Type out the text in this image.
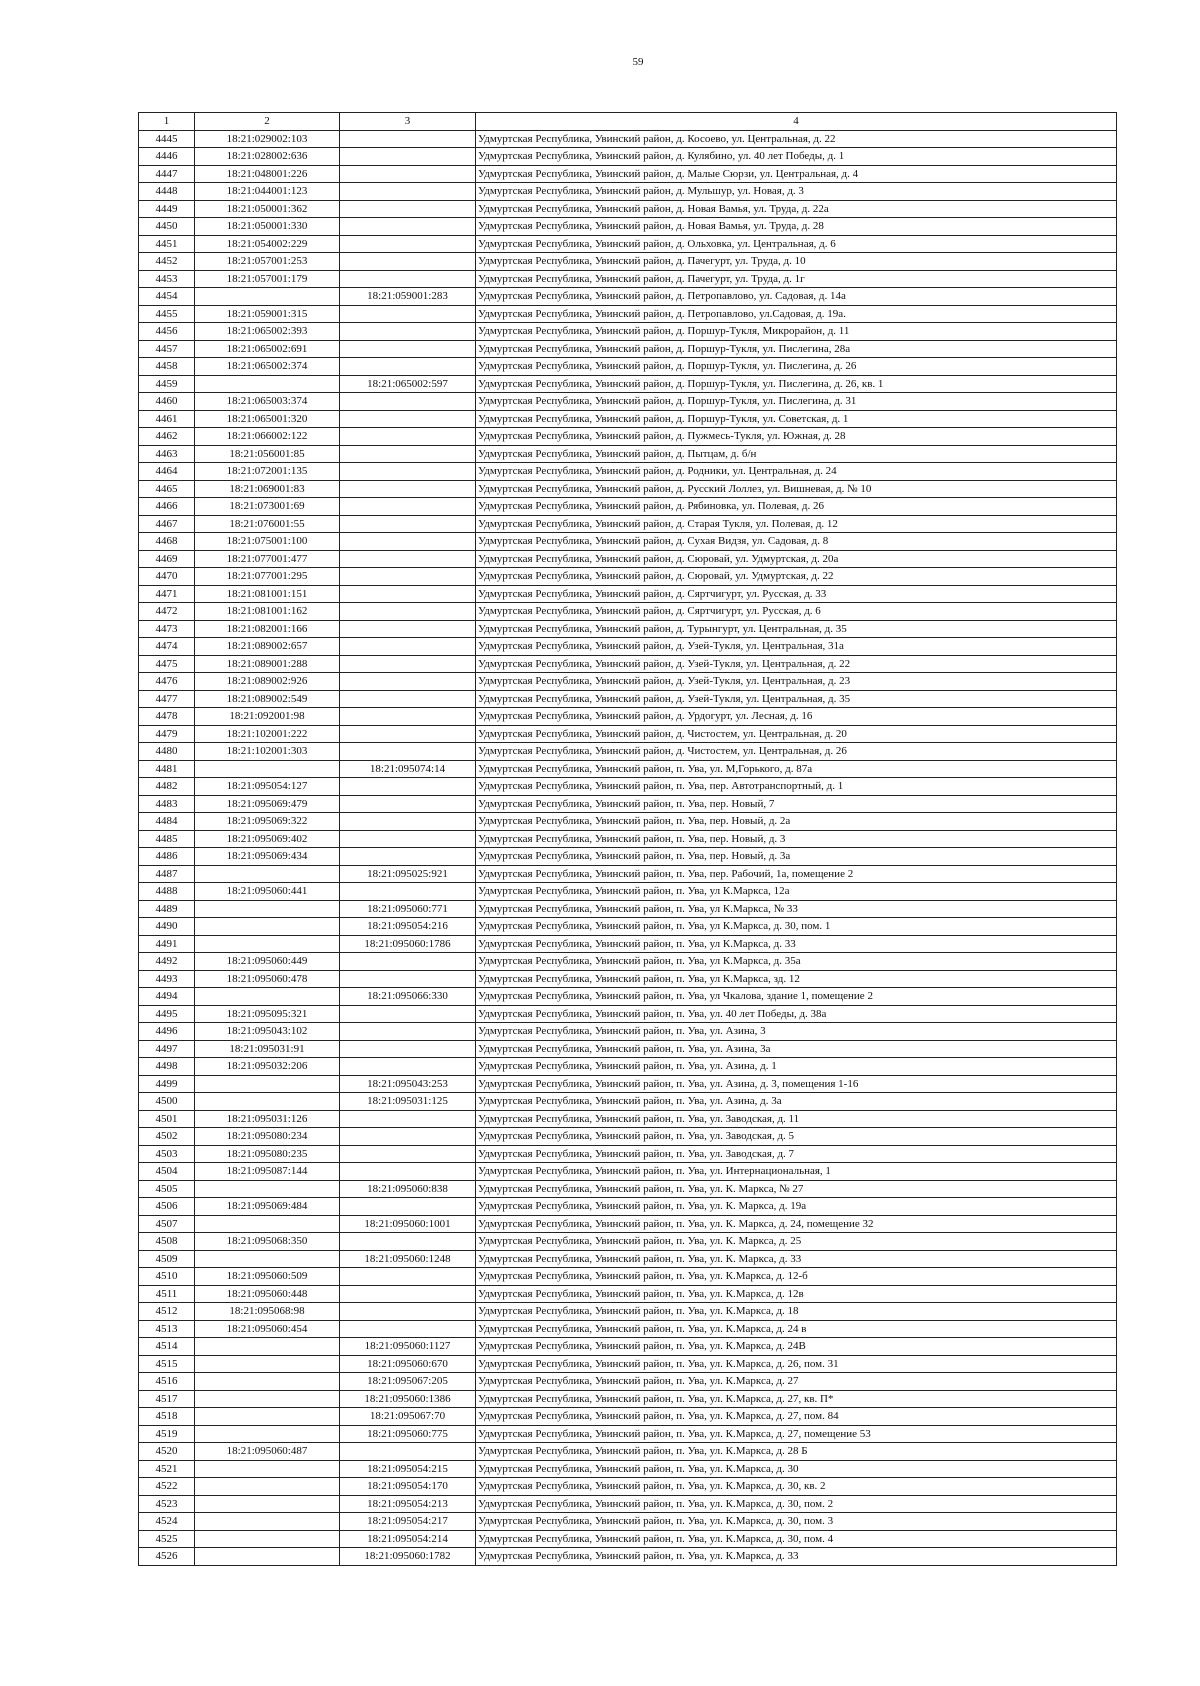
59
1	2	3	4
4445	18:21:029002:103		Удмуртская Республика, Увинский район, д. Косоево, ул. Центральная, д. 22
4446	18:21:028002:636		Удмуртская Республика, Увинский район, д. Кулябино, ул. 40 лет Победы, д. 1
4447	18:21:048001:226		Удмуртская Республика, Увинский район, д. Малые Сюрзи, ул. Центральная, д. 4
4448	18:21:044001:123		Удмуртская Республика, Увинский район, д. Мульшур, ул. Новая, д. 3
4449	18:21:050001:362		Удмуртская Республика, Увинский район, д. Новая Вамья, ул. Труда, д. 22а
4450	18:21:050001:330		Удмуртская Республика, Увинский район, д. Новая Вамья, ул. Труда, д. 28
4451	18:21:054002:229		Удмуртская Республика, Увинский район, д. Ольховка, ул. Центральная, д. 6
4452	18:21:057001:253		Удмуртская Республика, Увинский район, д. Пачегурт, ул. Труда, д. 10
4453	18:21:057001:179		Удмуртская Республика, Увинский район, д. Пачегурт, ул. Труда, д. 1г
4454		18:21:059001:283	Удмуртская Республика, Увинский район, д. Петропавлово, ул. Садовая, д. 14а
4455	18:21:059001:315		Удмуртская Республика, Увинский район, д. Петропавлово, ул.Садовая, д. 19а.
4456	18:21:065002:393		Удмуртская Республика, Увинский район, д. Поршур-Тукля, Микрорайон, д. 11
4457	18:21:065002:691		Удмуртская Республика, Увинский район, д. Поршур-Тукля, ул. Пислегина, 28а
4458	18:21:065002:374		Удмуртская Республика, Увинский район, д. Поршур-Тукля, ул. Пислегина, д. 26
4459		18:21:065002:597	Удмуртская Республика, Увинский район, д. Поршур-Тукля, ул. Пислегина, д. 26, кв. 1
4460	18:21:065003:374		Удмуртская Республика, Увинский район, д. Поршур-Тукля, ул. Пислегина, д. 31
4461	18:21:065001:320		Удмуртская Республика, Увинский район, д. Поршур-Тукля, ул. Советская, д. 1
4462	18:21:066002:122		Удмуртская Республика, Увинский район, д. Пужмесь-Тукля, ул. Южная, д. 28
4463	18:21:056001:85		Удмуртская Республика, Увинский район, д. Пытцам, д. б/н
4464	18:21:072001:135		Удмуртская Республика, Увинский район, д. Родники, ул. Центральная, д. 24
4465	18:21:069001:83		Удмуртская Республика, Увинский район, д. Русский Лоллез, ул. Вишневая, д. № 10
4466	18:21:073001:69		Удмуртская Республика, Увинский район, д. Рябиновка, ул. Полевая, д. 26
4467	18:21:076001:55		Удмуртская Республика, Увинский район, д. Старая Тукля, ул. Полевая, д. 12
4468	18:21:075001:100		Удмуртская Республика, Увинский район, д. Сухая Видзя, ул. Садовая, д. 8
4469	18:21:077001:477		Удмуртская Республика, Увинский район, д. Сюровай, ул. Удмуртская, д. 20а
4470	18:21:077001:295		Удмуртская Республика, Увинский район, д. Сюровай, ул. Удмуртская, д. 22
4471	18:21:081001:151		Удмуртская Республика, Увинский район, д. Сяртчигурт, ул. Русская, д. 33
4472	18:21:081001:162		Удмуртская Республика, Увинский район, д. Сяртчигурт, ул. Русская, д. 6
4473	18:21:082001:166		Удмуртская Республика, Увинский район, д. Турынгурт, ул. Центральная, д. 35
4474	18:21:089002:657		Удмуртская Республика, Увинский район, д. Узей-Тукля, ул. Центральная, 31а
4475	18:21:089001:288		Удмуртская Республика, Увинский район, д. Узей-Тукля, ул. Центральная, д. 22
4476	18:21:089002:926		Удмуртская Республика, Увинский район, д. Узей-Тукля, ул. Центральная, д. 23
4477	18:21:089002:549		Удмуртская Республика, Увинский район, д. Узей-Тукля, ул. Центральная, д. 35
4478	18:21:092001:98		Удмуртская Республика, Увинский район, д. Урдогурт, ул. Лесная, д. 16
4479	18:21:102001:222		Удмуртская Республика, Увинский район, д. Чистостем, ул. Центральная, д. 20
4480	18:21:102001:303		Удмуртская Республика, Увинский район, д. Чистостем, ул. Центральная, д. 26
4481		18:21:095074:14	Удмуртская Республика, Увинский район, п. Ува, ул. М,Горького, д. 87а
4482	18:21:095054:127		Удмуртская Республика, Увинский район, п. Ува, пер. Автотранспортный, д. 1
4483	18:21:095069:479		Удмуртская Республика, Увинский район, п. Ува, пер. Новый, 7
4484	18:21:095069:322		Удмуртская Республика, Увинский район, п. Ува, пер. Новый, д. 2а
4485	18:21:095069:402		Удмуртская Республика, Увинский район, п. Ува, пер. Новый, д. 3
4486	18:21:095069:434		Удмуртская Республика, Увинский район, п. Ува, пер. Новый, д. 3а
4487		18:21:095025:921	Удмуртская Республика, Увинский район, п. Ува, пер. Рабочий, 1а, помещение 2
4488	18:21:095060:441		Удмуртская Республика, Увинский район, п. Ува, ул К.Маркса, 12а
4489		18:21:095060:771	Удмуртская Республика, Увинский район, п. Ува, ул К.Маркса, № 33
4490		18:21:095054:216	Удмуртская Республика, Увинский район, п. Ува, ул К.Маркса, д. 30, пом. 1
4491		18:21:095060:1786	Удмуртская Республика, Увинский район, п. Ува, ул К.Маркса, д. 33
4492	18:21:095060:449		Удмуртская Республика, Увинский район, п. Ува, ул К.Маркса, д. 35а
4493	18:21:095060:478		Удмуртская Республика, Увинский район, п. Ува, ул К.Маркса, зд. 12
4494		18:21:095066:330	Удмуртская Республика, Увинский район, п. Ува, ул Чкалова, здание 1, помещение 2
4495	18:21:095095:321		Удмуртская Республика, Увинский район, п. Ува, ул. 40 лет Победы, д. 38а
4496	18:21:095043:102		Удмуртская Республика, Увинский район, п. Ува, ул. Азина, 3
4497	18:21:095031:91		Удмуртская Республика, Увинский район, п. Ува, ул. Азина, 3а
4498	18:21:095032:206		Удмуртская Республика, Увинский район, п. Ува, ул. Азина, д. 1
4499		18:21:095043:253	Удмуртская Республика, Увинский район, п. Ува, ул. Азина, д. 3, помещения 1-16
4500		18:21:095031:125	Удмуртская Республика, Увинский район, п. Ува, ул. Азина, д. 3а
4501	18:21:095031:126		Удмуртская Республика, Увинский район, п. Ува, ул. Заводская, д. 11
4502	18:21:095080:234		Удмуртская Республика, Увинский район, п. Ува, ул. Заводская, д. 5
4503	18:21:095080:235		Удмуртская Республика, Увинский район, п. Ува, ул. Заводская, д. 7
4504	18:21:095087:144		Удмуртская Республика, Увинский район, п. Ува, ул. Интернациональная, 1
4505		18:21:095060:838	Удмуртская Республика, Увинский район, п. Ува, ул. К. Маркса, № 27
4506	18:21:095069:484		Удмуртская Республика, Увинский район, п. Ува, ул. К. Маркса, д. 19а
4507		18:21:095060:1001	Удмуртская Республика, Увинский район, п. Ува, ул. К. Маркса, д. 24, помещение 32
4508	18:21:095068:350		Удмуртская Республика, Увинский район, п. Ува, ул. К. Маркса, д. 25
4509		18:21:095060:1248	Удмуртская Республика, Увинский район, п. Ува, ул. К. Маркса, д. 33
4510	18:21:095060:509		Удмуртская Республика, Увинский район, п. Ува, ул. К.Маркса, д. 12-б
4511	18:21:095060:448		Удмуртская Республика, Увинский район, п. Ува, ул. К.Маркса, д. 12в
4512	18:21:095068:98		Удмуртская Республика, Увинский район, п. Ува, ул. К.Маркса, д. 18
4513	18:21:095060:454		Удмуртская Республика, Увинский район, п. Ува, ул. К.Маркса, д. 24 в
4514		18:21:095060:1127	Удмуртская Республика, Увинский район, п. Ува, ул. К.Маркса, д. 24В
4515		18:21:095060:670	Удмуртская Республика, Увинский район, п. Ува, ул. К.Маркса, д. 26, пом. 31
4516		18:21:095067:205	Удмуртская Республика, Увинский район, п. Ува, ул. К.Маркса, д. 27
4517		18:21:095060:1386	Удмуртская Республика, Увинский район, п. Ува, ул. К.Маркса, д. 27, кв. П*
4518		18:21:095067:70	Удмуртская Республика, Увинский район, п. Ува, ул. К.Маркса, д. 27, пом. 84
4519		18:21:095060:775	Удмуртская Республика, Увинский район, п. Ува, ул. К.Маркса, д. 27, помещение 53
4520	18:21:095060:487		Удмуртская Республика, Увинский район, п. Ува, ул. К.Маркса, д. 28 Б
4521		18:21:095054:215	Удмуртская Республика, Увинский район, п. Ува, ул. К.Маркса, д. 30
4522		18:21:095054:170	Удмуртская Республика, Увинский район, п. Ува, ул. К.Маркса, д. 30, кв. 2
4523		18:21:095054:213	Удмуртская Республика, Увинский район, п. Ува, ул. К.Маркса, д. 30, пом. 2
4524		18:21:095054:217	Удмуртская Республика, Увинский район, п. Ува, ул. К.Маркса, д. 30, пом. 3
4525		18:21:095054:214	Удмуртская Республика, Увинский район, п. Ува, ул. К.Маркса, д. 30, пом. 4
4526		18:21:095060:1782	Удмуртская Республика, Увинский район, п. Ува, ул. К.Маркса, д. 33
